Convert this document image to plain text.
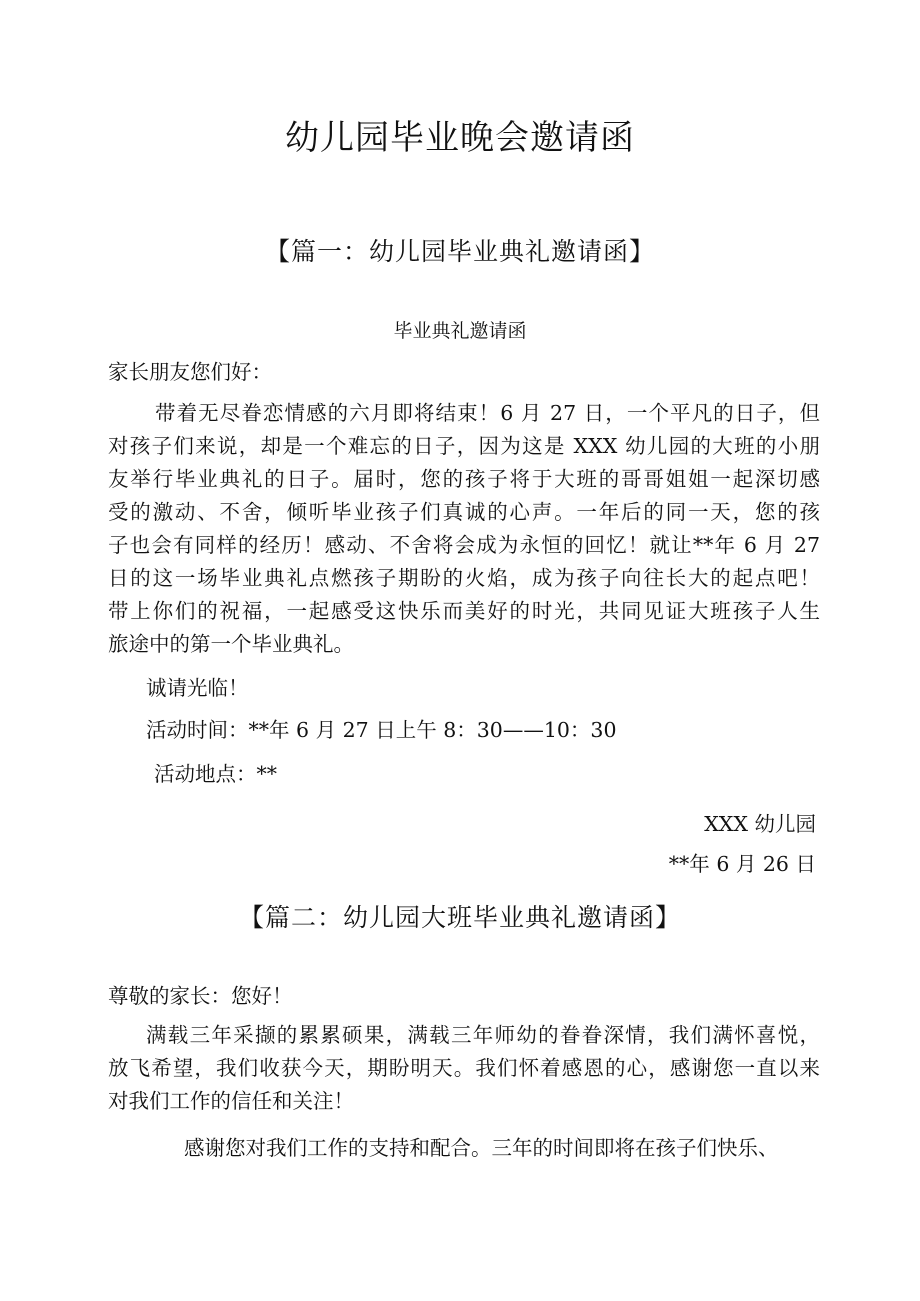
幼儿园毕业晚会邀请函
【篇一：幼儿园毕业典礼邀请函】
毕业典礼邀请函
家长朋友您们好：
带着无尽眷恋情感的六月即将结束！6 月 27 日，一个平凡的日子，但
对孩子们来说，却是一个难忘的日子，因为这是 XXX 幼儿园的大班的小朋
友举行毕业典礼的日子。届时，您的孩子将于大班的哥哥姐姐一起深切感
受的激动、不舍，倾听毕业孩子们真诚的心声。一年后的同一天，您的孩
子也会有同样的经历！感动、不舍将会成为永恒的回忆！就让**年 6 月 27
日的这一场毕业典礼点燃孩子期盼的火焰，成为孩子向往长大的起点吧！
带上你们的祝福，一起感受这快乐而美好的时光，共同见证大班孩子人生
旅途中的第一个毕业典礼。
诚请光临！
活动时间：**年 6 月 27 日上午 8：30——10：30
活动地点：**
XXX 幼儿园
**年 6 月 26 日
【篇二：幼儿园大班毕业典礼邀请函】
尊敬的家长：您好！
满载三年采撷的累累硕果，满载三年师幼的眷眷深情，我们满怀喜悦，
放飞希望，我们收获今天，期盼明天。我们怀着感恩的心，感谢您一直以来
对我们工作的信任和关注！
感谢您对我们工作的支持和配合。三年的时间即将在孩子们快乐、
